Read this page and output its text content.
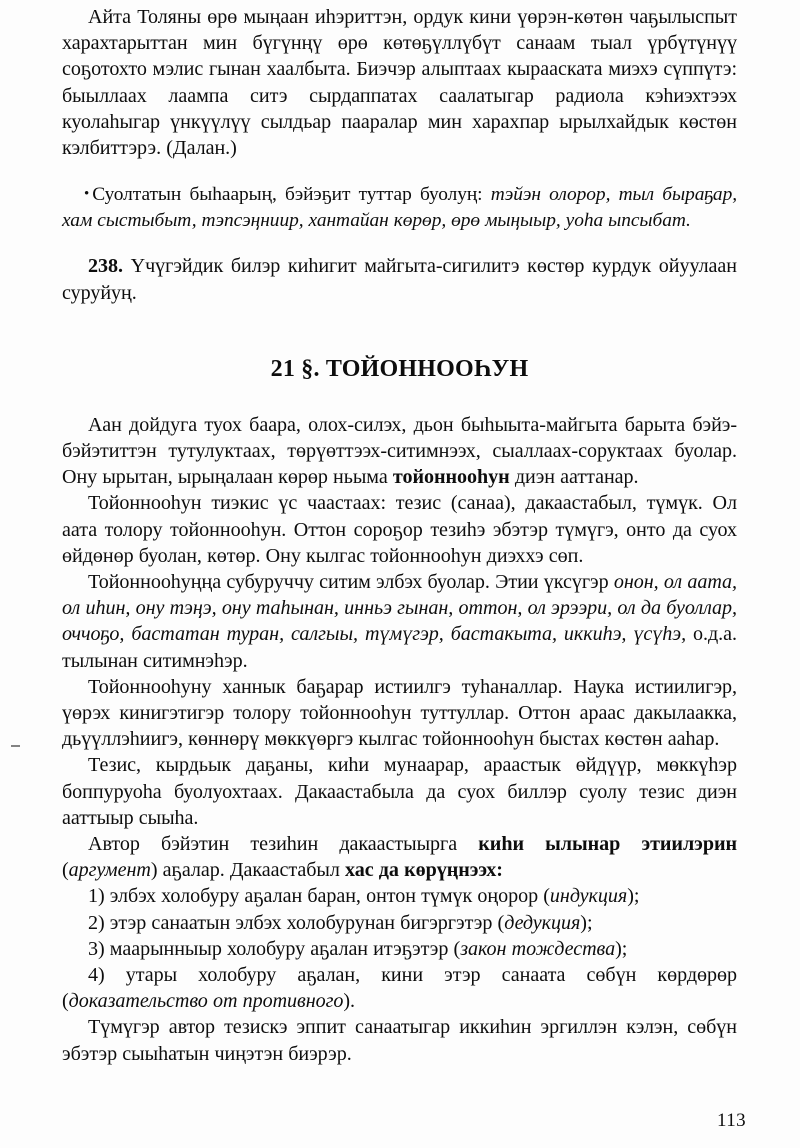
Айта Толяны өрө мыңаан иһэриттэн, ордук кини үөрэн-көтөн чаҕылыспыт харахтарыттан мин бүгүнңү өрө көтөҕүллүбүт санаам тыал үрбүтүнүү соҕотохто мэлис гынан хаалбыта. Биэчэр алыптаах кырааската миэхэ сүппүтэ: быыллаах лаампа ситэ сырдаппатах саалатыгар радиола кэһиэхтээх куолаһыгар үнкүүлүү сылдьар пааралар мин харахпар ырылхайдык көстөн кэлбиттэрэ. (Далан.)

• Суолтатын быһаарың, бэйэҕит туттар буолуң: тэйэн олорор, тыл быраҕар, хам сыстыбыт, тэпсэңниир, хантайан көрөр, өрө мыңыыр, уоһа ыпсыбат.

238. Үчүгэйдик билэр киһигит майгыта-сигилитэ көстөр курдук ойуулаан суруйуң.

21 §. ТОЙОННООҺУН

Аан дойдуга туох баара, олох-силэх, дьон быһыыта-майгыта барыта бэйэ-бэйэтиттэн тутулуктаах, төрүөттээх-ситимнээх, сыаллаах-соруктаах буолар. Ону ырытан, ырыңалаан көрөр ньыма тойоннооһун диэн ааттанар.

Тойоннооһун тиэкис үс чаастаах: тезис (санаа), дакаастабыл, түмүк. Ол аата толору тойоннооһун. Оттон сороҕор тезиһэ эбэтэр түмүгэ, онто да суох өйдөнөр буолан, көтөр. Ону кылгас тойоннооһун диэххэ сөп.

Тойоннооһуңңа субуруччу ситим элбэх буолар. Этии үксүгэр онон, ол аата, ол иһин, ону тэңэ, ону таһынан, инньэ гынан, оттон, ол эрээри, ол да буоллар, оччоҕо, бастатан туран, салгыы, түмүгэр, бастакыта, иккиһэ, үсүһэ, о.д.а. тылынан ситимнэһэр.

Тойоннооһуну ханнык баҕарар истиилгэ туһаналлар. Наука истиилигэр, үөрэх кинигэтигэр толору тойоннооһун туттуллар. Оттон араас дакылаакка, дьүүллэһиигэ, көннөрү мөккүөргэ кылгас тойоннооһун быстах көстөн ааһар.

Тезис, кырдьык даҕаны, киһи мунаарар, араастык өйдүүр, мөккүһэр боппуруоһа буолуохтаах. Дакаастабыла да суох биллэр суолу тезис диэн ааттыыр сыыһа.

Автор бэйэтин тезиһин дакаастыырга киһи ылынар этиилэрин (аргумент) аҕалар. Дакаастабыл хас да көрүңнээх:

1) элбэх холобуру аҕалан баран, онтон түмүк оңорор (индукция);

2) этэр санаатын элбэх холобурунан бигэргэтэр (дедукция);

3) маарынныыр холобуру аҕалан итэҕэтэр (закон тождества);

4) утары холобуру аҕалан, кини этэр санаата сөбүн көрдөрөр (доказательство от противного).

Түмүгэр автор тезискэ эппит санаатыгар иккиһин эргиллэн кэлэн, сөбүн эбэтэр сыыһатын чиңэтэн биэрэр.

113
